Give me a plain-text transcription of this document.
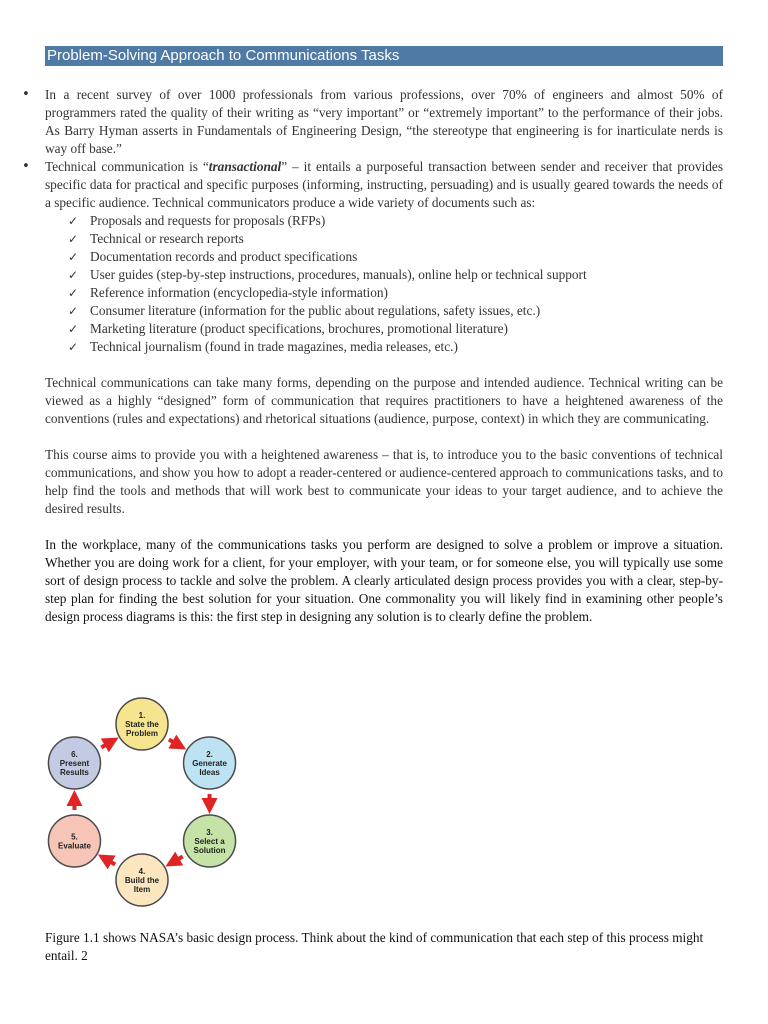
Problem-Solving Approach to Communications Tasks

• In a recent survey of over 1000 professionals from various professions, over 70% of engineers and almost 50% of programmers rated the quality of their writing as “very important” or “extremely important” to the performance of their jobs. As Barry Hyman asserts in Fundamentals of Engineering Design, “the stereotype that engineering is for inarticulate nerds is way off base.”

• Technical communication is “transactional” – it entails a purposeful transaction between sender and receiver that provides specific data for practical and specific purposes (informing, instructing, persuading) and is usually geared towards the needs of a specific audience. Technical communicators produce a wide variety of documents such as:

✓ Proposals and requests for proposals (RFPs)
✓ Technical or research reports
✓ Documentation records and product specifications
✓ User guides (step-by-step instructions, procedures, manuals), online help or technical support
✓ Reference information (encyclopedia-style information)
✓ Consumer literature (information for the public about regulations, safety issues, etc.)
✓ Marketing literature (product specifications, brochures, promotional literature)
✓ Technical journalism (found in trade magazines, media releases, etc.)

Technical communications can take many forms, depending on the purpose and intended audience. Technical writing can be viewed as a highly “designed” form of communication that requires practitioners to have a heightened awareness of the conventions (rules and expectations) and rhetorical situations (audience, purpose, context) in which they are communicating.

This course aims to provide you with a heightened awareness – that is, to introduce you to the basic conventions of technical communications, and show you how to adopt a reader-centered or audience-centered approach to communications tasks, and to help find the tools and methods that will work best to communicate your ideas to your target audience, and to achieve the desired results.

In the workplace, many of the communications tasks you perform are designed to solve a problem or improve a situation. Whether you are doing work for a client, for your employer, with your team, or for someone else, you will typically use some sort of design process to tackle and solve the problem. A clearly articulated design process provides you with a clear, step-by-step plan for finding the best solution for your situation. One commonality you will likely find in examining other people’s design process diagrams is this: the first step in designing any solution is to clearly define the problem.

1.
State the
Problem
2.
Generate
Ideas
3.
Select a
Solution
4.
Build the
Item
5.
Evaluate
6.
Present
Results
Figure 1.1 shows NASA’s basic design process. Think about the kind of communication that each step of this process might entail. 2
